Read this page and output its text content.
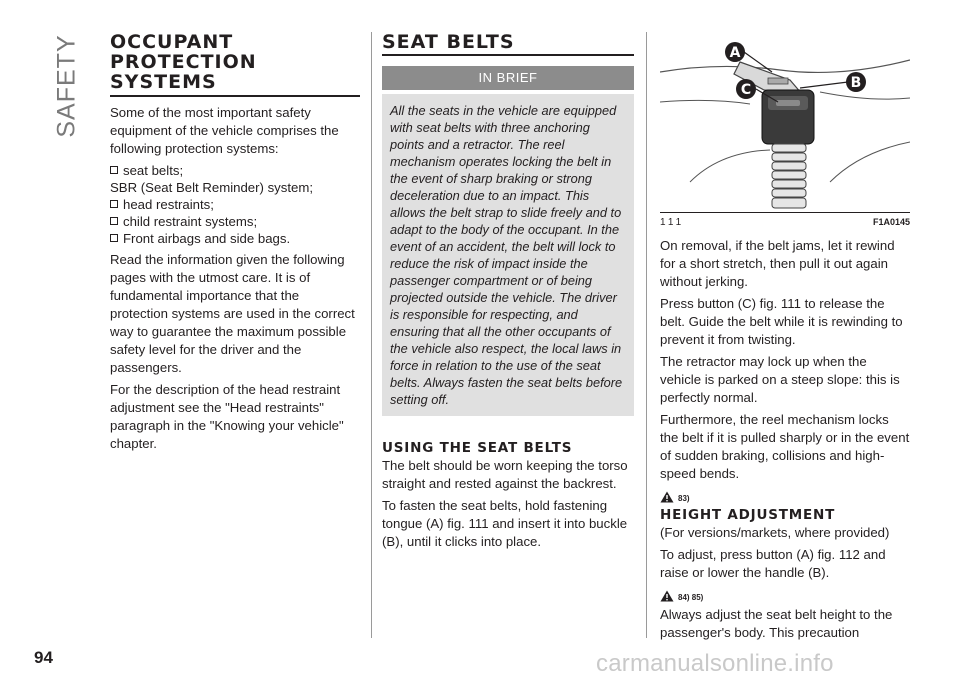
SAFETY OCCUPANT
PROTECTION
SYSTEMS

Some of the most important safety equipment of the vehicle comprises the following protection systems:

seat belts;
SBR (Seat Belt Reminder) system;
head restraints;
child restraint systems;
Front airbags and side bags.

Read the information given the following pages with the utmost care. It is of fundamental importance that the protection systems are used in the correct way to guarantee the maximum possible safety level for the driver and the passengers.

For the description of the head restraint adjustment see the "Head restraints" paragraph in the "Knowing your vehicle" chapter.

SEAT BELTS
IN BRIEF
All the seats in the vehicle are equipped with seat belts with three anchoring points and a retractor. The reel mechanism operates locking the belt in the event of sharp braking or strong deceleration due to an impact. This allows the belt strap to slide freely and to adapt to the body of the occupant. In the event of an accident, the belt will lock to reduce the risk of impact inside the passenger compartment or of being projected outside the vehicle. The driver is responsible for respecting, and ensuring that all the other occupants of the vehicle also respect, the local laws in force in relation to the use of the seat belts. Always fasten the seat belts before setting off.
USING THE SEAT BELTS

The belt should be worn keeping the torso straight and rested against the backrest.

To fasten the seat belts, hold fastening tongue (A) fig. 111 and insert it into buckle (B), until it clicks into place.

A
B
C
111	F1A0145

On removal, if the belt jams, let it rewind for a short stretch, then pull it out again without jerking.

Press button (C) fig. 111 to release the belt. Guide the belt while it is rewinding to prevent it from twisting.

The retractor may lock up when the vehicle is parked on a steep slope: this is perfectly normal.

Furthermore, the reel mechanism locks the belt if it is pulled sharply or in the event of sudden braking, collisions and high-speed bends.

83)
HEIGHT ADJUSTMENT

(For versions/markets, where provided)

To adjust, press button (A) fig. 112 and raise or lower the handle (B).

84) 85)

Always adjust the seat belt height to the passenger's body. This precaution

94	carmanualsonline.info
